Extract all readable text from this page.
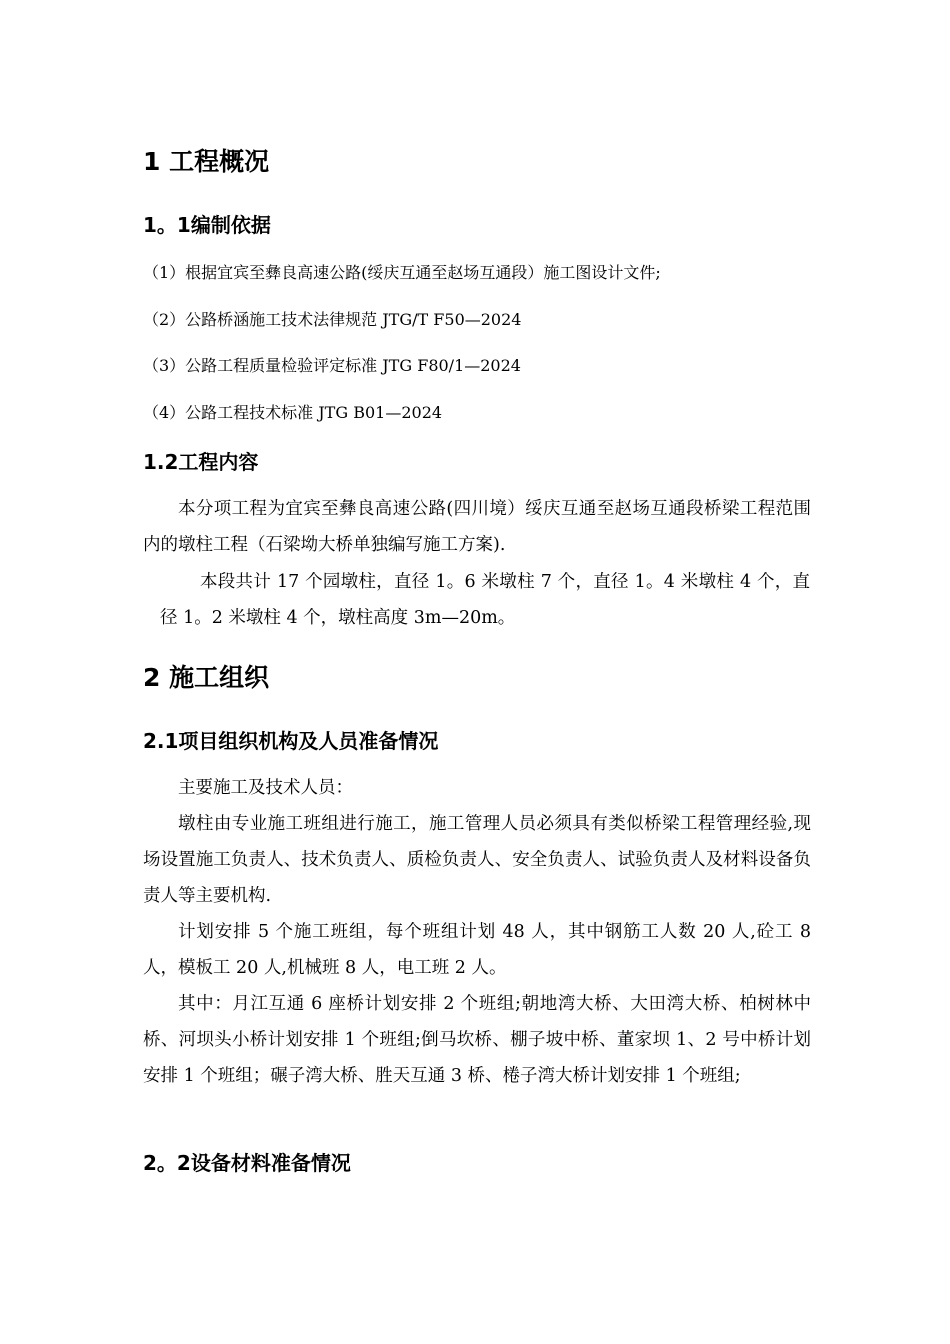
1 工程概况
1。1编制依据

（1）根据宜宾至彝良高速公路(绥庆互通至赵场互通段）施工图设计文件;

（2）公路桥涵施工技术法律规范 JTG/T F50—2024

（3）公路工程质量检验评定标准 JTG F80/1—2024

（4）公路工程技术标准 JTG B01—2024

1.2工程内容

本分项工程为宜宾至彝良高速公路(四川境）绥庆互通至赵场互通段桥梁工程范围内的墩柱工程（石梁坳大桥单独编写施工方案).

本段共计 17 个园墩柱，直径 1。6 米墩柱 7 个，直径 1。4 米墩柱 4 个，直径 1。2 米墩柱 4 个，墩柱高度 3m—20m。

2 施工组织
2.1项目组织机构及人员准备情况

主要施工及技术人员：

墩柱由专业施工班组进行施工，施工管理人员必须具有类似桥梁工程管理经验,现场设置施工负责人、技术负责人、质检负责人、安全负责人、试验负责人及材料设备负责人等主要机构.

计划安排 5 个施工班组，每个班组计划 48 人，其中钢筋工人数 20 人,砼工 8 人，模板工 20 人,机械班 8 人，电工班 2 人。

其中：月江互通 6 座桥计划安排 2 个班组;朝地湾大桥、大田湾大桥、柏树林中桥、河坝头小桥计划安排 1 个班组;倒马坎桥、棚子坡中桥、董家坝 1、2 号中桥计划安排 1 个班组；碾子湾大桥、胜天互通 3 桥、棬子湾大桥计划安排 1 个班组;

2。2设备材料准备情况
